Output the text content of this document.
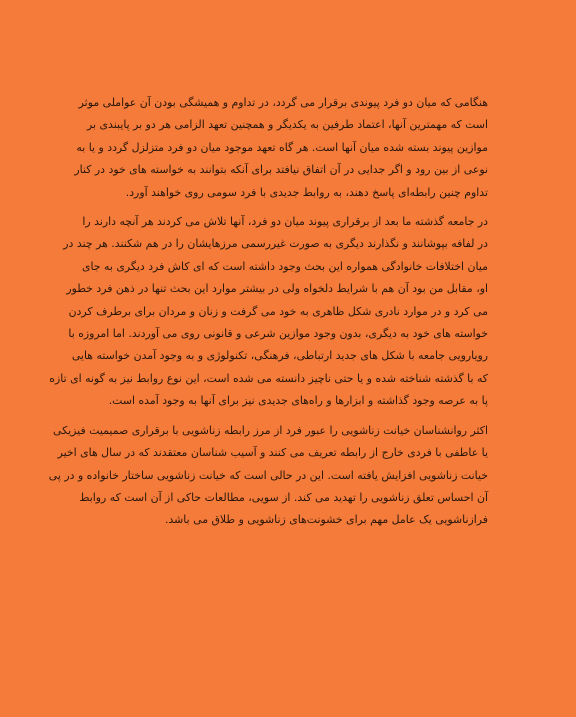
هنگامی که میان دو فرد پیوندی برقرار می گردد، در تداوم و همیشگی بودن آن عواملی موثر
است که مهمترین آنها، اعتماد طرفین به یکدیگر و همچنین تعهد الزامی هر دو بر پایبندی بر
موازین پیوند بسته شده میان آنها است. هر گاه تعهد موجود میان دو فرد متزلزل گردد و یا به
نوعی از بین رود و اگر جدایی در آن اتفاق نیافتد برای آنکه بتوانند به خواسته های خود در کنار
تداوم چنین رابطه‌ای پاسخ دهند، به روابط جدیدی با فرد سومی روی خواهند آورد.

در جامعه گذشته ما بعد از برقراری پیوند میان دو فرد، آنها تلاش می کردند هر آنچه دارند را
در لفافه بپوشانند و نگذارند دیگری به صورت غیررسمی مرزهایشان را در هم شکنند. هر چند در
میان اختلافات خانوادگی همواره این بحث وجود داشته است که ای کاش فرد دیگری به جای
او، مقابل من بود آن هم با شرایط دلخواه ولی در بیشتر موارد این بحث تنها در ذهن فرد خطور
می کرد و در موارد نادری شکل ظاهری به خود می گرفت و زنان و مردان برای برطرف کردن
خواسته های خود به دیگری، بدون وجود موازین شرعی و قانونی روی می آوردند. اما امروزه با
رویارویی جامعه با شکل های جدید ارتباطی، فرهنگی، تکنولوژی و به وجود آمدن خواسته هایی
که با گذشته شناخته شده و یا حتی ناچیز دانسته می شده است، این نوع روابط نیز به گونه ای تازه
پا به عرصه وجود گذاشته و ابزارها و راه‌های جدیدی نیز برای آنها به وجود آمده است.

اکثر روانشناسان خیانت زناشویی را عبور فرد از مرز رابطه زناشویی با برقراری صمیمیت فیزیکی
یا عاطفی با فردی خارج از رابطه تعریف می کنند و آسیب شناسان معتقدند که در سال های اخیر
خیانت زناشویی افزایش یافته است. این در حالی است که خیانت زناشویی ساختار خانواده و در پی
آن احساس تعلق زناشویی را تهدید می کند. از سویی، مطالعات حاکی از آن است که روابط
فرازناشویی یک عامل مهم برای خشونت‌های زناشویی و طلاق می باشد.
